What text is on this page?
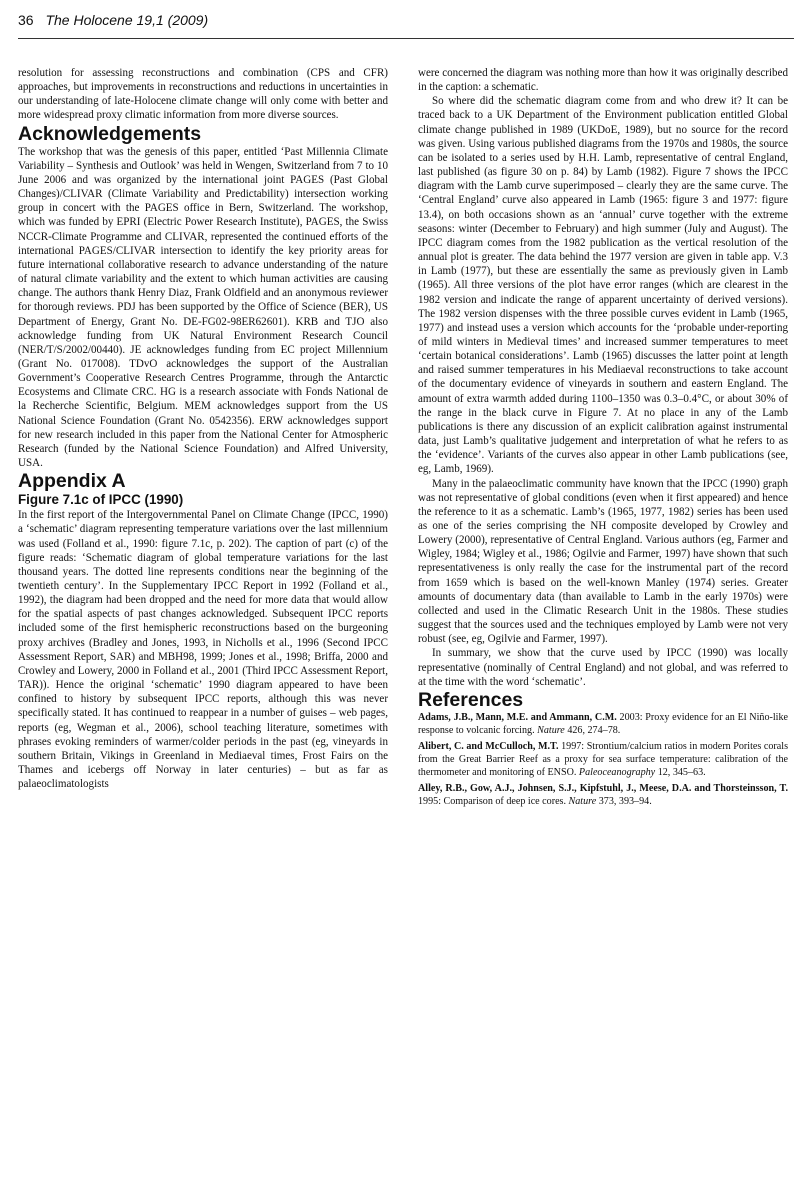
36 The Holocene 19,1 (2009)

resolution for assessing reconstructions and combination (CPS and CFR) approaches, but improvements in reconstructions and reductions in uncertainties in our understanding of late-Holocene climate change will only come with better and more widespread proxy climatic information from more diverse sources.

Acknowledgements

The workshop that was the genesis of this paper, entitled ‘Past Millennia Climate Variability – Synthesis and Outlook’ was held in Wengen, Switzerland from 7 to 10 June 2006 and was organized by the international joint PAGES (Past Global Changes)/CLIVAR (Climate Variability and Predictability) intersection working group in concert with the PAGES office in Bern, Switzerland. The workshop, which was funded by EPRI (Electric Power Research Institute), PAGES, the Swiss NCCR-Climate Programme and CLIVAR, represented the continued efforts of the international PAGES/CLIVAR intersection to identify the key priority areas for future international collaborative research to advance understanding of the nature of natural climate variability and the extent to which human activities are causing change. The authors thank Henry Diaz, Frank Oldfield and an anonymous reviewer for thorough reviews. PDJ has been supported by the Office of Science (BER), US Department of Energy, Grant No. DE-FG02-98ER62601). KRB and TJO also acknowledge funding from UK Natural Environment Research Council (NER/T/S/2002/00440). JE acknowledges funding from EC project Millennium (Grant No. 017008). TDvO acknowledges the support of the Australian Government’s Cooperative Research Centres Programme, through the Antarctic Ecosystems and Climate CRC. HG is a research associate with Fonds National de la Recherche Scientific, Belgium. MEM acknowledges support from the US National Science Foundation (Grant No. 0542356). ERW acknowledges support for new research included in this paper from the National Center for Atmospheric Research (funded by the National Science Foundation) and Alfred University, USA.

Appendix A
Figure 7.1c of IPCC (1990)

In the first report of the Intergovernmental Panel on Climate Change (IPCC, 1990) a ‘schematic’ diagram representing temperature variations over the last millennium was used (Folland et al., 1990: figure 7.1c, p. 202). The caption of part (c) of the figure reads: ‘Schematic diagram of global temperature variations for the last thousand years. The dotted line represents conditions near the beginning of the twentieth century’. In the Supplementary IPCC Report in 1992 (Folland et al., 1992), the diagram had been dropped and the need for more data that would allow for the spatial aspects of past changes acknowledged. Subsequent IPCC reports included some of the first hemispheric reconstructions based on the burgeoning proxy archives (Bradley and Jones, 1993, in Nicholls et al., 1996 (Second IPCC Assessment Report, SAR) and MBH98, 1999; Jones et al., 1998; Briffa, 2000 and Crowley and Lowery, 2000 in Folland et al., 2001 (Third IPCC Assessment Report, TAR)). Hence the original ‘schematic’ 1990 diagram appeared to have been confined to history by subsequent IPCC reports, although this was never specifically stated. It has continued to reappear in a number of guises – web pages, reports (eg, Wegman et al., 2006), school teaching literature, sometimes with phrases evoking reminders of warmer/colder periods in the past (eg, vineyards in southern Britain, Vikings in Greenland in Mediaeval times, Frost Fairs on the Thames and icebergs off Norway in later centuries) – but as far as palaeoclimatologists

were concerned the diagram was nothing more than how it was originally described in the caption: a schematic.

So where did the schematic diagram come from and who drew it? It can be traced back to a UK Department of the Environment publication entitled Global climate change published in 1989 (UKDoE, 1989), but no source for the record was given. Using various published diagrams from the 1970s and 1980s, the source can be isolated to a series used by H.H. Lamb, representative of central England, last published (as figure 30 on p. 84) by Lamb (1982). Figure 7 shows the IPCC diagram with the Lamb curve superimposed – clearly they are the same curve. The ‘Central England’ curve also appeared in Lamb (1965: figure 3 and 1977: figure 13.4), on both occasions shown as an ‘annual’ curve together with the extreme seasons: winter (December to February) and high summer (July and August). The IPCC diagram comes from the 1982 publication as the vertical resolution of the annual plot is greater. The data behind the 1977 version are given in table app. V.3 in Lamb (1977), but these are essentially the same as previously given in Lamb (1965). All three versions of the plot have error ranges (which are clearest in the 1982 version and indicate the range of apparent uncertainty of derived versions). The 1982 version dispenses with the three possible curves evident in Lamb (1965, 1977) and instead uses a version which accounts for the ‘probable under-reporting of mild winters in Medieval times’ and increased summer temperatures to meet ‘certain botanical considerations’. Lamb (1965) discusses the latter point at length and raised summer temperatures in his Mediaeval reconstructions to take account of the documentary evidence of vineyards in southern and eastern England. The amount of extra warmth added during 1100–1350 was 0.3–0.4°C, or about 30% of the range in the black curve in Figure 7. At no place in any of the Lamb publications is there any discussion of an explicit calibration against instrumental data, just Lamb’s qualitative judgement and interpretation of what he refers to as the ‘evidence’. Variants of the curves also appear in other Lamb publications (see, eg, Lamb, 1969).

Many in the palaeoclimatic community have known that the IPCC (1990) graph was not representative of global conditions (even when it first appeared) and hence the reference to it as a schematic. Lamb’s (1965, 1977, 1982) series has been used as one of the series comprising the NH composite developed by Crowley and Lowery (2000), representative of Central England. Various authors (eg, Farmer and Wigley, 1984; Wigley et al., 1986; Ogilvie and Farmer, 1997) have shown that such representativeness is only really the case for the instrumental part of the record from 1659 which is based on the well-known Manley (1974) series. Greater amounts of documentary data (than available to Lamb in the early 1970s) were collected and used in the Climatic Research Unit in the 1980s. These studies suggest that the sources used and the techniques employed by Lamb were not very robust (see, eg, Ogilvie and Farmer, 1997).

In summary, we show that the curve used by IPCC (1990) was locally representative (nominally of Central England) and not global, and was referred to at the time with the word ‘schematic’.

References
Adams, J.B., Mann, M.E. and Ammann, C.M. 2003: Proxy evidence for an El Niño-like response to volcanic forcing. Nature 426, 274–78.
Alibert, C. and McCulloch, M.T. 1997: Strontium/calcium ratios in modern Porites corals from the Great Barrier Reef as a proxy for sea surface temperature: calibration of the thermometer and monitoring of ENSO. Paleoceanography 12, 345–63.
Alley, R.B., Gow, A.J., Johnsen, S.J., Kipfstuhl, J., Meese, D.A. and Thorsteinsson, T. 1995: Comparison of deep ice cores. Nature 373, 393–94.
